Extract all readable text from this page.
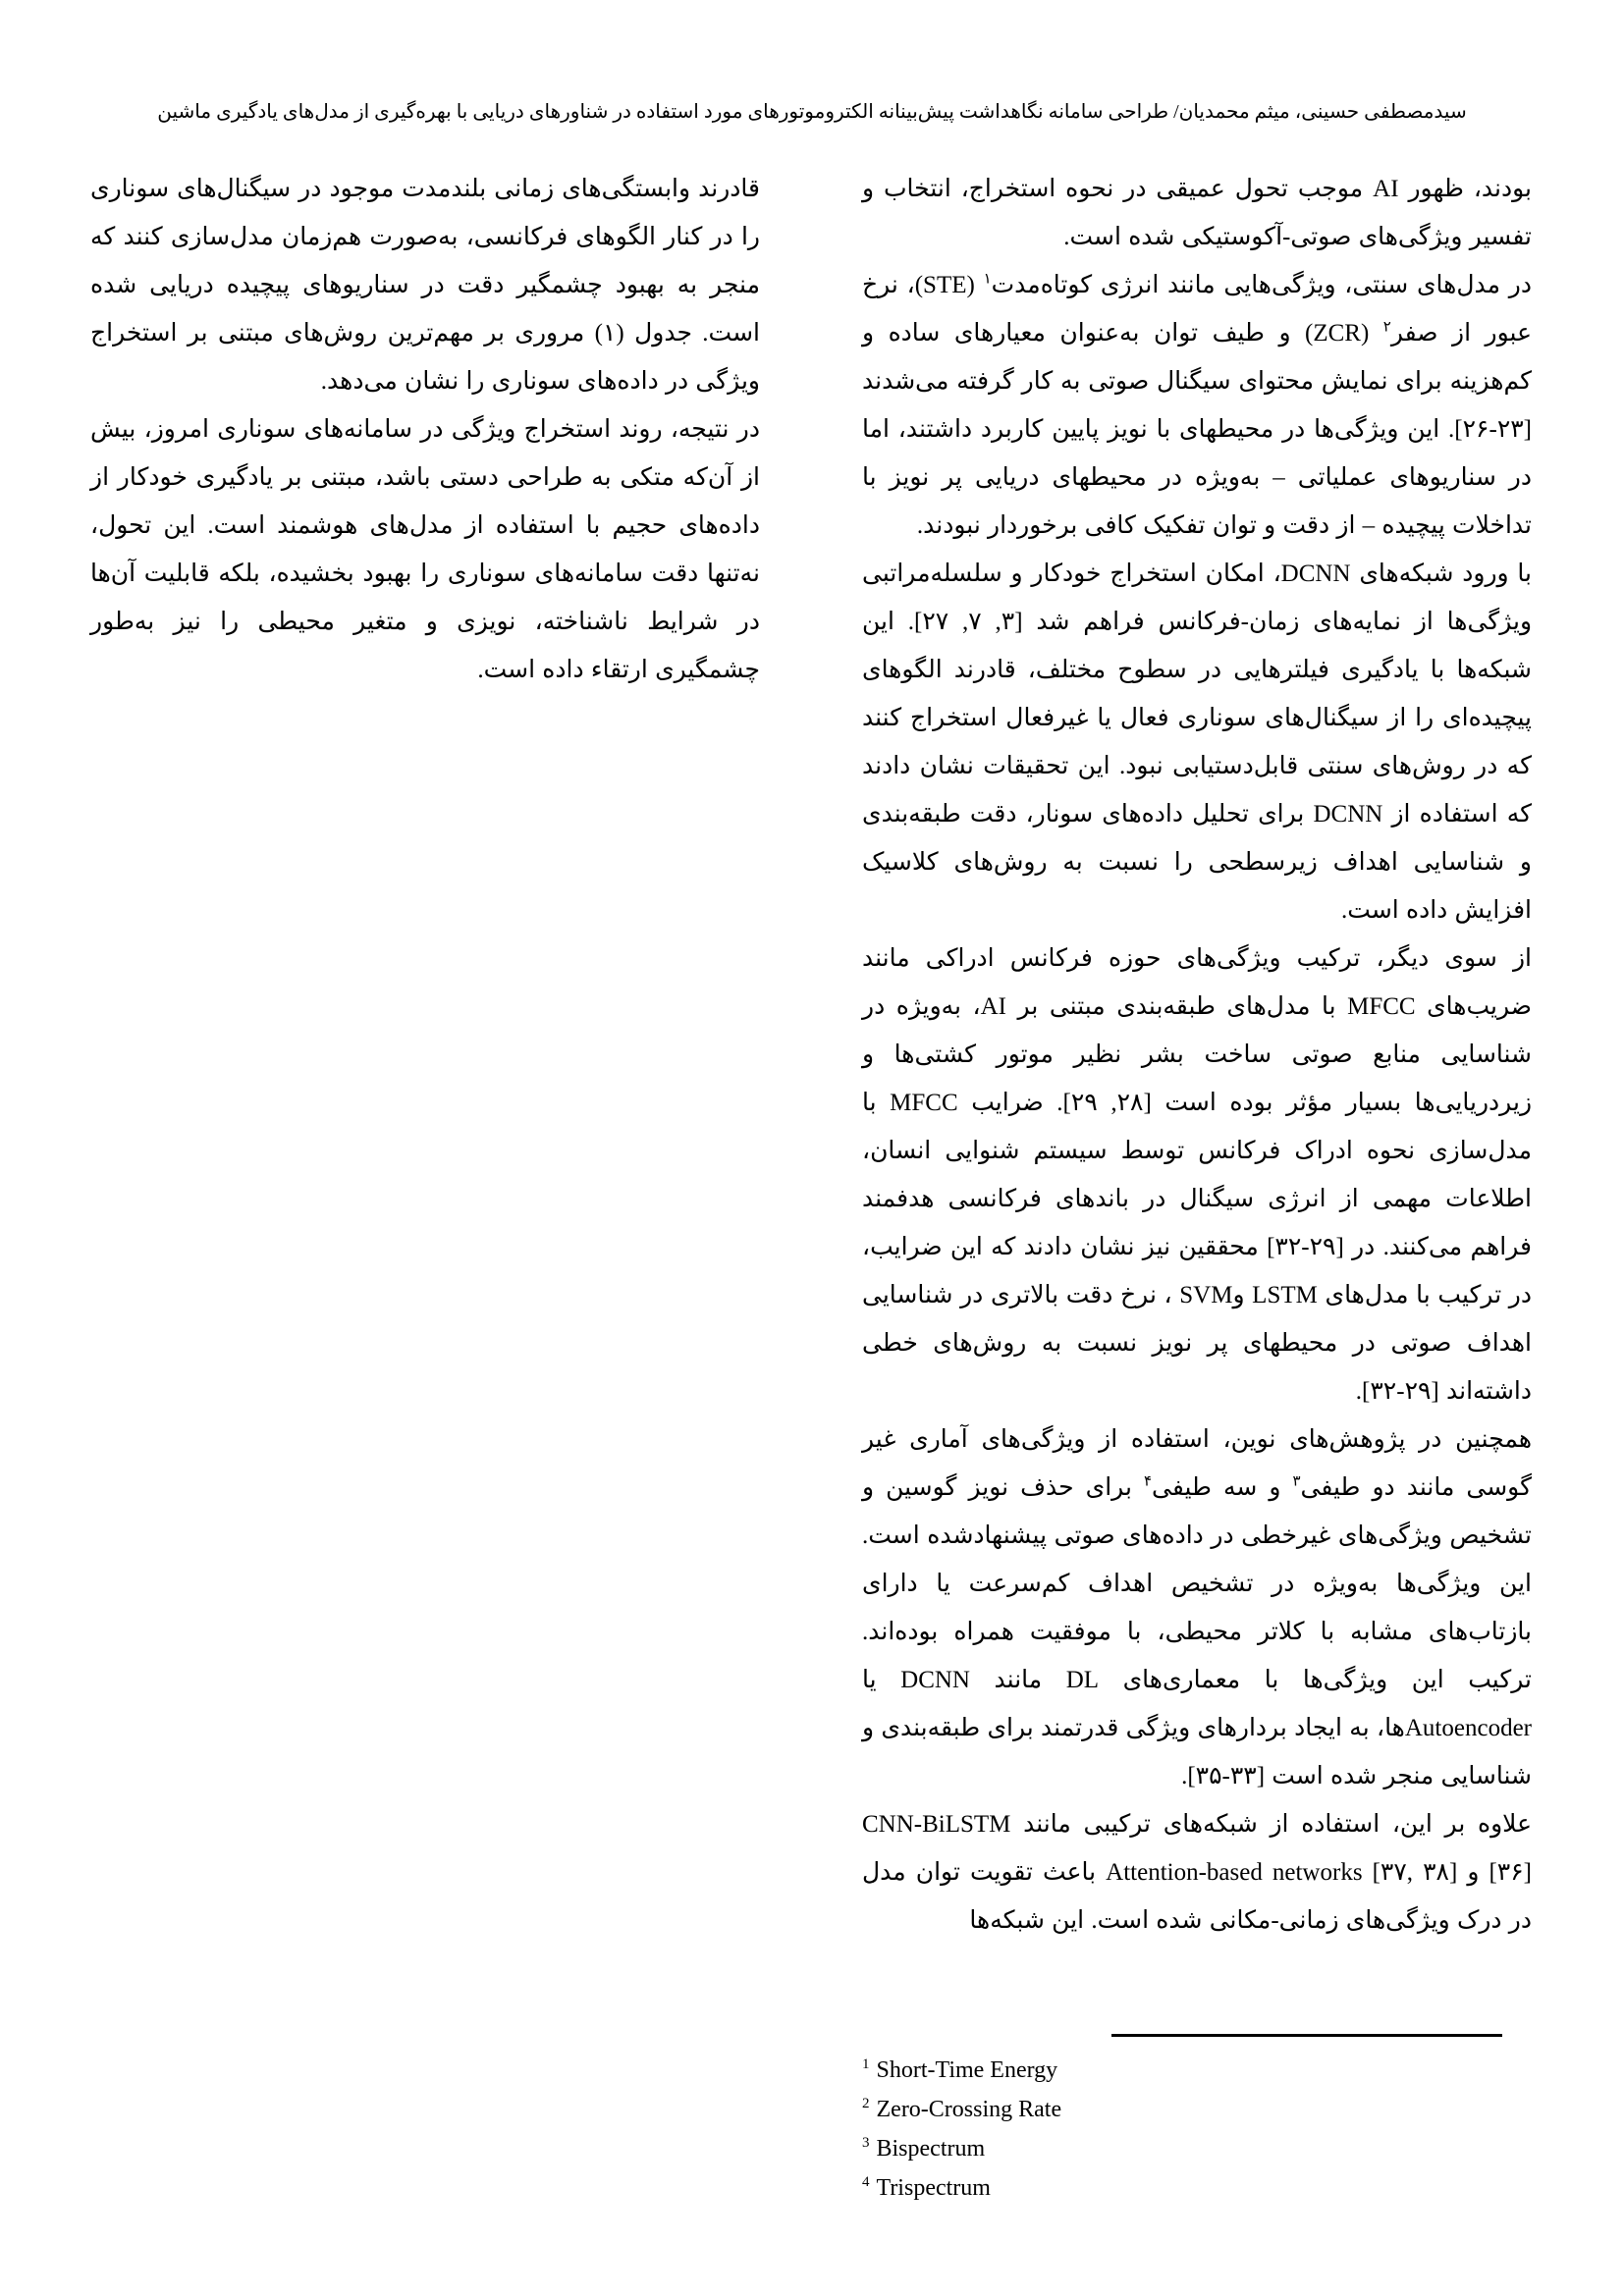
سیدمصطفی حسینی، میثم محمدیان/ طراحی سامانه نگاهداشت پیش‌بینانه الکتروموتورهای مورد استفاده در شناورهای دریایی با بهره‌گیری از مدل‌های یادگیری ماشین

بودند، ظهور AI موجب تحول عمیقی در نحوه استخراج، انتخاب و تفسیر ویژگی‌های صوتی-آکوستیکی شده است.

در مدل‌های سنتی، ویژگی‌هایی مانند انرژی کوتاه‌مدت$^۱$ (STE)، نرخ عبور از صفر$^۲$ (ZCR) و طیف توان به‌عنوان معیارهای ساده و کم‌هزینه برای نمایش محتوای سیگنال صوتی به کار گرفته می‌شدند [۲۳-۲۶]. این ویژگی‌ها در محیطهای با نویز پایین کاربرد داشتند، اما در سناریوهای عملیاتی – به‌ویژه در محیطهای دریایی پر نویز با تداخلات پیچیده – از دقت و توان تفکیک کافی برخوردار نبودند.

با ورود شبکه‌های DCNN، امکان استخراج خودکار و سلسله‌مراتبی ویژگی‌ها از نمایه‌های زمان-فرکانس فراهم شد [۳, ۷, ۲۷]. این شبکه‌ها با یادگیری فیلترهایی در سطوح مختلف، قادرند الگوهای پیچیده‌ای را از سیگنال‌های سوناری فعال یا غیرفعال استخراج کنند که در روش‌های سنتی قابل‌دستیابی نبود. این تحقیقات نشان دادند که استفاده از DCNN برای تحلیل داده‌های سونار، دقت طبقه‌بندی و شناسایی اهداف زیرسطحی را نسبت به روش‌های کلاسیک افزایش داده است.

از سوی دیگر، ترکیب ویژگی‌های حوزه فرکانس ادراکی مانند ضریب‌های MFCC با مدل‌های طبقه‌بندی مبتنی بر AI، به‌ویژه در شناسایی منابع صوتی ساخت بشر نظیر موتور کشتی‌ها و زیردریایی‌ها بسیار مؤثر بوده است [۲۸, ۲۹]. ضرایب MFCC با مدل‌سازی نحوه ادراک فرکانس توسط سیستم شنوایی انسان، اطلاعات مهمی از انرژی سیگنال در باندهای فرکانسی هدفمند فراهم می‌کنند. در [۲۹-۳۲] محققین نیز نشان دادند که این ضرایب، در ترکیب با مدل‌های LSTM وSVM ، نرخ دقت بالاتری در شناسایی اهداف صوتی در محیطهای پر نویز نسبت به روش‌های خطی داشته‌اند [۲۹-۳۲].

همچنین در پژوهش‌های نوین، استفاده از ویژگی‌های آماری غیر گوسی مانند دو طیفی$^۳$ و سه طیفی$^۴$ برای حذف نویز گوسین و تشخیص ویژگی‌های غیرخطی در داده‌های صوتی پیشنهادشده است. این ویژگی‌ها به‌ویژه در تشخیص اهداف کم‌سرعت یا دارای بازتاب‌های مشابه با کلاتر محیطی، با موفقیت همراه بوده‌اند. ترکیب این ویژگی‌ها با معماری‌های DL مانند DCNN یا Autoencoderها، به ایجاد بردارهای ویژگی قدرتمند برای طبقه‌بندی و شناسایی منجر شده است [۳۳-۳۵].

علاوه بر این، استفاده از شبکه‌های ترکیبی مانند CNN-BiLSTM [۳۶] و Attention-based networks [۳۷, ۳۸] باعث تقویت توان مدل در درک ویژگی‌های زمانی-مکانی شده است. این شبکه‌ها

قادرند وابستگی‌های زمانی بلندمدت موجود در سیگنال‌های سوناری را در کنار الگوهای فرکانسی، به‌صورت هم‌زمان مدل‌سازی کنند که منجر به بهبود چشمگیر دقت در سناریوهای پیچیده دریایی شده است. جدول (۱) مروری بر مهم‌ترین روش‌های مبتنی بر استخراج ویژگی در داده‌های سوناری را نشان می‌دهد.

در نتیجه، روند استخراج ویژگی در سامانه‌های سوناری امروز، بیش از آن‌که متکی به طراحی دستی باشد، مبتنی بر یادگیری خودکار از داده‌های حجیم با استفاده از مدل‌های هوشمند است. این تحول، نه‌تنها دقت سامانه‌های سوناری را بهبود بخشیده، بلکه قابلیت آن‌ها در شرایط ناشناخته، نویزی و متغیر محیطی را نیز به‌طور چشمگیری ارتقاء داده است.

$^1$ Short-Time Energy
$^2$ Zero-Crossing Rate
$^3$ Bispectrum
$^4$ Trispectrum
